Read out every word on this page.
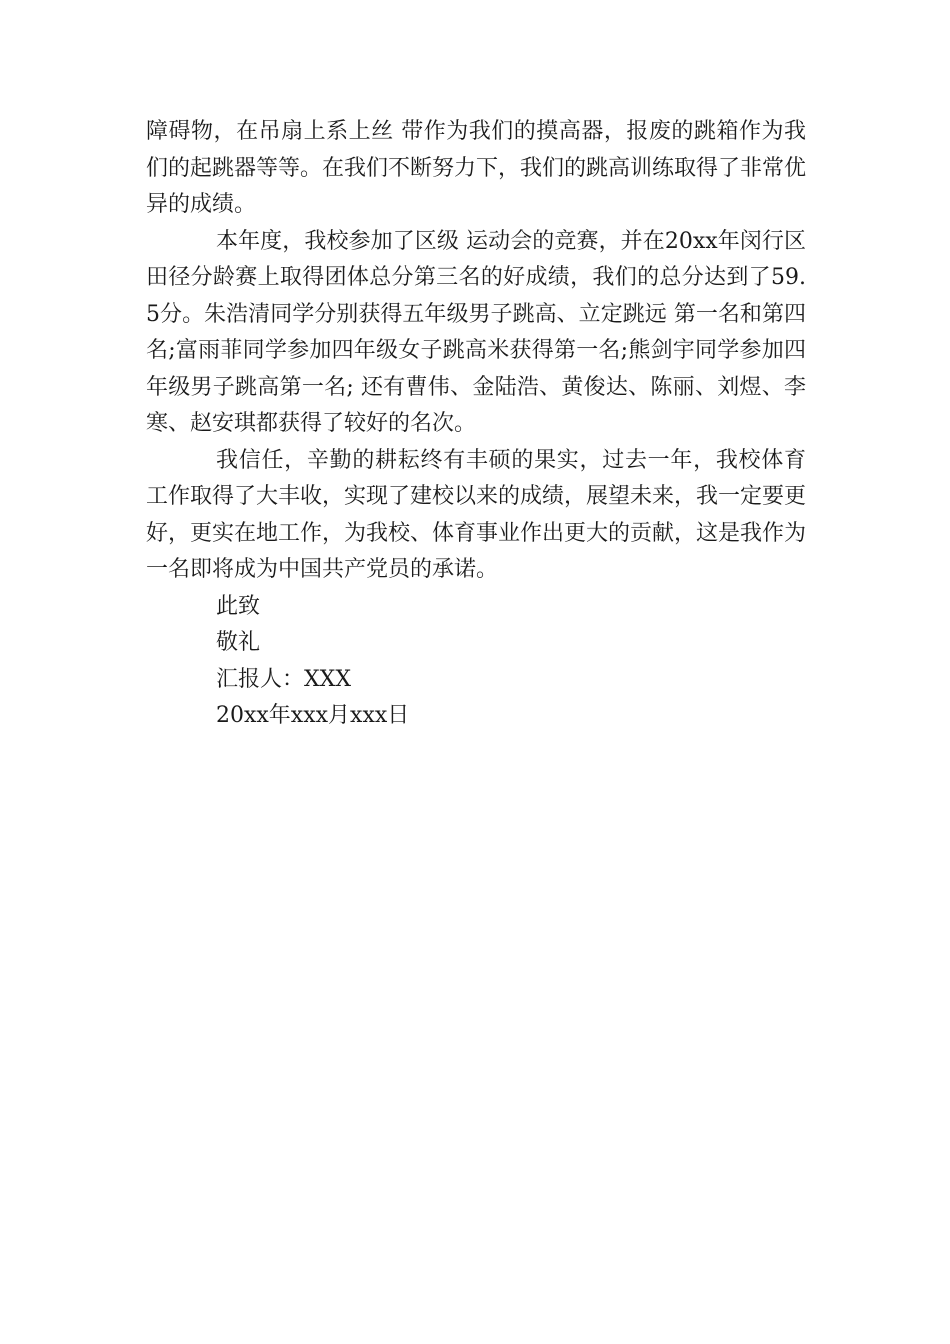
障碍物，在吊扇上系上丝 带作为我们的摸高器，报废的跳箱作为我们的起跳器等等。在我们不断努力下，我们的跳高训练取得了非常优异的成绩。

本年度，我校参加了区级 运动会的竞赛，并在20xx年闵行区田径分龄赛上取得团体总分第三名的好成绩，我们的总分达到了59.5分。朱浩清同学分别获得五年级男子跳高、立定跳远 第一名和第四名;富雨菲同学参加四年级女子跳高米获得第一名;熊剑宇同学参加四年级男子跳高第一名; 还有曹伟、金陆浩、黄俊达、陈丽、刘煜、李寒、赵安琪都获得了较好的名次。

我信任，辛勤的耕耘终有丰硕的果实，过去一年，我校体育工作取得了大丰收，实现了建校以来的成绩，展望未来，我一定要更好，更实在地工作，为我校、体育事业作出更大的贡献，这是我作为一名即将成为中国共产党员的承诺。

此致

敬礼

汇报人：XXX

20xx年xxx月xxx日
